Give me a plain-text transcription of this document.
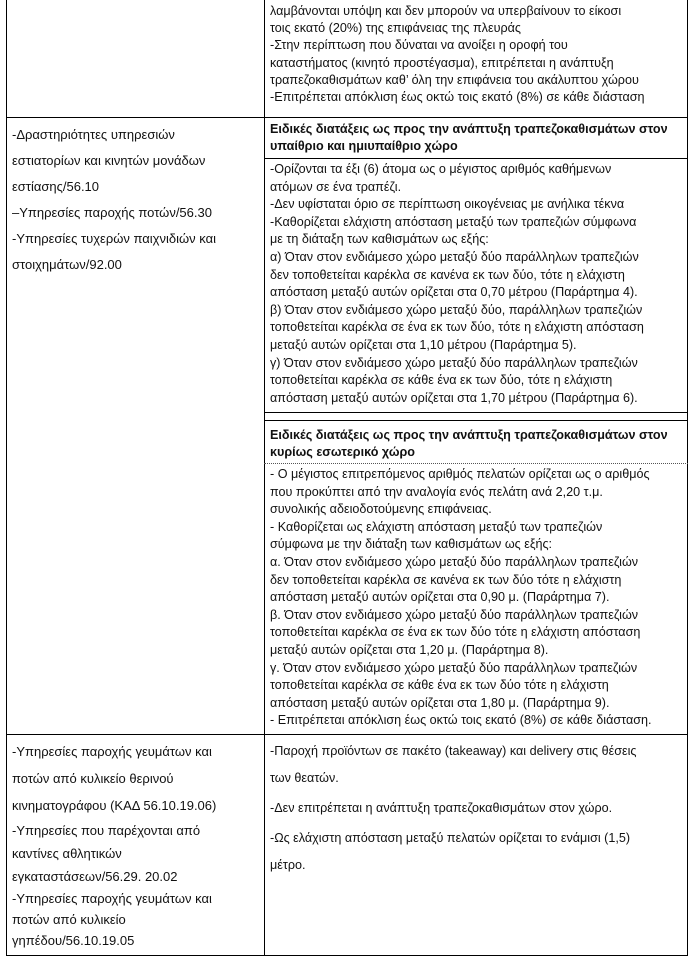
λαμβάνονται υπόψη και δεν μπορούν να υπερβαίνουν το είκοσι
τοις εκατό (20%) της επιφάνειας της πλευράς
-Στην περίπτωση που δύναται να ανοίξει η οροφή του
καταστήματος (κινητό προστέγασμα), επιτρέπεται η ανάπτυξη
τραπεζοκαθισμάτων καθ’ όλη την επιφάνεια του ακάλυπτου χώρου
-Επιτρέπεται απόκλιση έως οκτώ τοις εκατό (8%) σε κάθε διάσταση
-Δραστηριότητες υπηρεσιών
εστιατορίων και κινητών μονάδων
εστίασης/56.10
–Υπηρεσίες παροχής ποτών/56.30
-Υπηρεσίες τυχερών παιχνιδιών και
στοιχημάτων/92.00
Ειδικές διατάξεις ως προς την ανάπτυξη τραπεζοκαθισμάτων στον
υπαίθριο και ημιυπαίθριο χώρο
-Ορίζονται τα έξι (6) άτομα ως ο μέγιστος αριθμός καθήμενων
ατόμων σε ένα τραπέζι.
-Δεν υφίσταται όριο σε περίπτωση οικογένειας με ανήλικα τέκνα
-Καθορίζεται ελάχιστη απόσταση μεταξύ των τραπεζιών σύμφωνα
με τη διάταξη των καθισμάτων ως εξής:
α) Όταν στον ενδιάμεσο χώρο μεταξύ δύο παράλληλων τραπεζιών
δεν τοποθετείται καρέκλα σε κανένα εκ των δύο, τότε η ελάχιστη
απόσταση μεταξύ αυτών ορίζεται στα 0,70 μέτρου (Παράρτημα 4).
β) Όταν στον ενδιάμεσο χώρο μεταξύ δύο, παράλληλων τραπεζιών
τοποθετείται καρέκλα σε ένα εκ των δύο, τότε η ελάχιστη απόσταση
μεταξύ αυτών ορίζεται στα 1,10 μέτρου (Παράρτημα 5).
γ) Όταν στον ενδιάμεσο χώρο μεταξύ δύο παράλληλων τραπεζιών
τοποθετείται καρέκλα σε κάθε ένα εκ των δύο, τότε η ελάχιστη
απόσταση μεταξύ αυτών ορίζεται στα 1,70 μέτρου (Παράρτημα 6).
Ειδικές διατάξεις ως προς την ανάπτυξη τραπεζοκαθισμάτων στον
κυρίως εσωτερικό χώρο
- Ο μέγιστος επιτρεπόμενος αριθμός πελατών ορίζεται ως ο αριθμός
που προκύπτει από την αναλογία ενός πελάτη ανά 2,20 τ.μ.
συνολικής αδειοδοτούμενης επιφάνειας.
- Καθορίζεται ως ελάχιστη απόσταση μεταξύ των τραπεζιών
σύμφωνα με την διάταξη των καθισμάτων ως εξής:
α. Όταν στον ενδιάμεσο χώρο μεταξύ δύο παράλληλων τραπεζιών
δεν τοποθετείται καρέκλα σε κανένα εκ των δύο τότε η ελάχιστη
απόσταση μεταξύ αυτών ορίζεται στα 0,90 μ. (Παράρτημα 7).
β. Όταν στον ενδιάμεσο χώρο μεταξύ δύο παράλληλων τραπεζιών
τοποθετείται καρέκλα σε ένα εκ των δύο τότε η ελάχιστη απόσταση
μεταξύ αυτών ορίζεται στα 1,20 μ. (Παράρτημα 8).
γ. Όταν στον ενδιάμεσο χώρο μεταξύ δύο παράλληλων τραπεζιών
τοποθετείται καρέκλα σε κάθε ένα εκ των δύο τότε η ελάχιστη
απόσταση μεταξύ αυτών ορίζεται στα 1,80 μ. (Παράρτημα 9).
- Επιτρέπεται απόκλιση έως οκτώ τοις εκατό (8%) σε κάθε διάσταση.
-Υπηρεσίες παροχής γευμάτων και
ποτών από κυλικείο θερινού
κινηματογράφου (ΚΑΔ 56.10.19.06)
-Υπηρεσίες που παρέχονται από
καντίνες αθλητικών
εγκαταστάσεων/56.29. 20.02
-Υπηρεσίες παροχής γευμάτων και
ποτών από κυλικείο
γηπέδου/56.10.19.05
-Παροχή προϊόντων σε πακέτο (takeaway) και delivery στις θέσεις
των θεατών.
-Δεν επιτρέπεται η ανάπτυξη τραπεζοκαθισμάτων στον χώρο.
-Ως ελάχιστη απόσταση μεταξύ πελατών ορίζεται το ενάμισι (1,5)
μέτρο.
